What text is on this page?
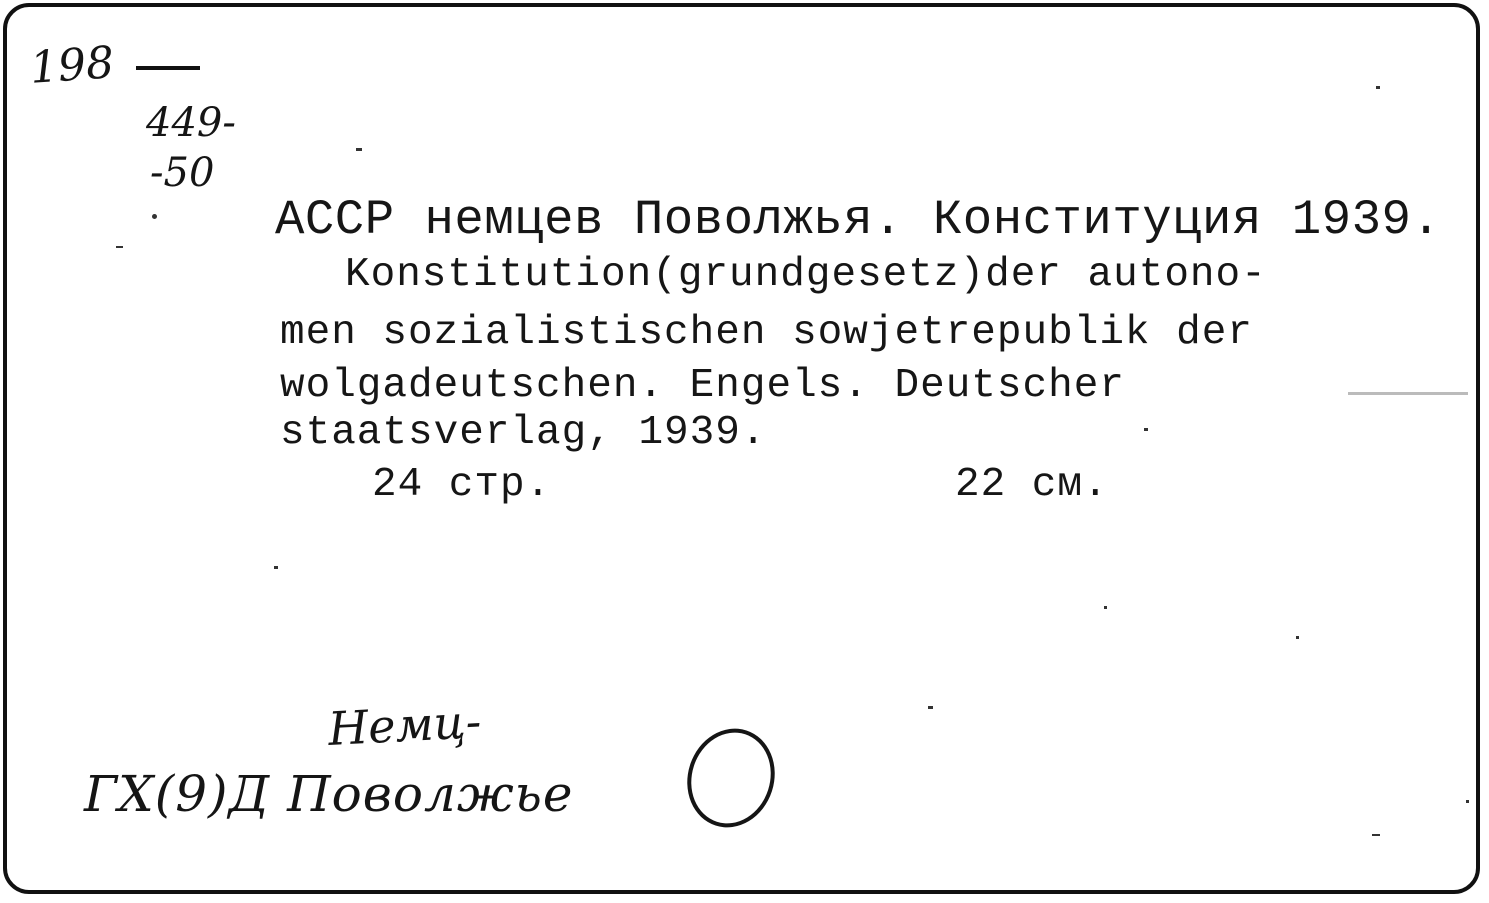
198
449-
-50
АССР немцев Поволжья. Конституция 1939.
Konstitution(grundgesetz)der autono-
men sozialistischen sowjetrepublik der
wolgadeutschen. Engels. Deutscher
staatsverlag, 1939.
24 стр.	22 см.
Немц-
ГХ(9)Д Поволжье
